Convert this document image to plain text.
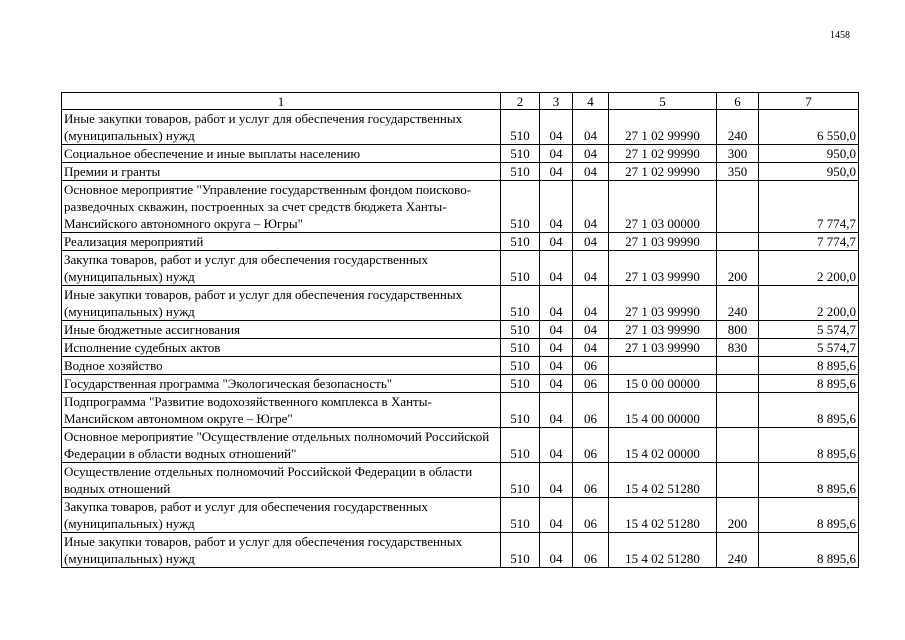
1458
1	2	3	4	5	6	7
Иные закупки товаров, работ и услуг для обеспечения государственных (муниципальных) нужд	510	04	04	27 1 02 99990	240	6 550,0
Социальное обеспечение и иные выплаты населению	510	04	04	27 1 02 99990	300	950,0
Премии и гранты	510	04	04	27 1 02 99990	350	950,0
Основное мероприятие "Управление государственным фондом поисково-разведочных скважин, построенных за счет средств бюджета Ханты-Мансийского автономного округа – Югры"	510	04	04	27 1 03 00000		7 774,7
Реализация мероприятий	510	04	04	27 1 03 99990		7 774,7
Закупка товаров, работ и услуг для обеспечения государственных (муниципальных) нужд	510	04	04	27 1 03 99990	200	2 200,0
Иные закупки товаров, работ и услуг для обеспечения государственных (муниципальных) нужд	510	04	04	27 1 03 99990	240	2 200,0
Иные бюджетные ассигнования	510	04	04	27 1 03 99990	800	5 574,7
Исполнение судебных актов	510	04	04	27 1 03 99990	830	5 574,7
Водное хозяйство	510	04	06			8 895,6
Государственная программа "Экологическая безопасность"	510	04	06	15 0 00 00000		8 895,6
Подпрограмма "Развитие водохозяйственного комплекса в Ханты-Мансийском автономном округе – Югре"	510	04	06	15 4 00 00000		8 895,6
Основное мероприятие "Осуществление отдельных полномочий Российской Федерации в области водных отношений"	510	04	06	15 4 02 00000		8 895,6
Осуществление отдельных полномочий Российской Федерации в области водных отношений	510	04	06	15 4 02 51280		8 895,6
Закупка товаров, работ и услуг для обеспечения государственных (муниципальных) нужд	510	04	06	15 4 02 51280	200	8 895,6
Иные закупки товаров, работ и услуг для обеспечения государственных (муниципальных) нужд	510	04	06	15 4 02 51280	240	8 895,6
